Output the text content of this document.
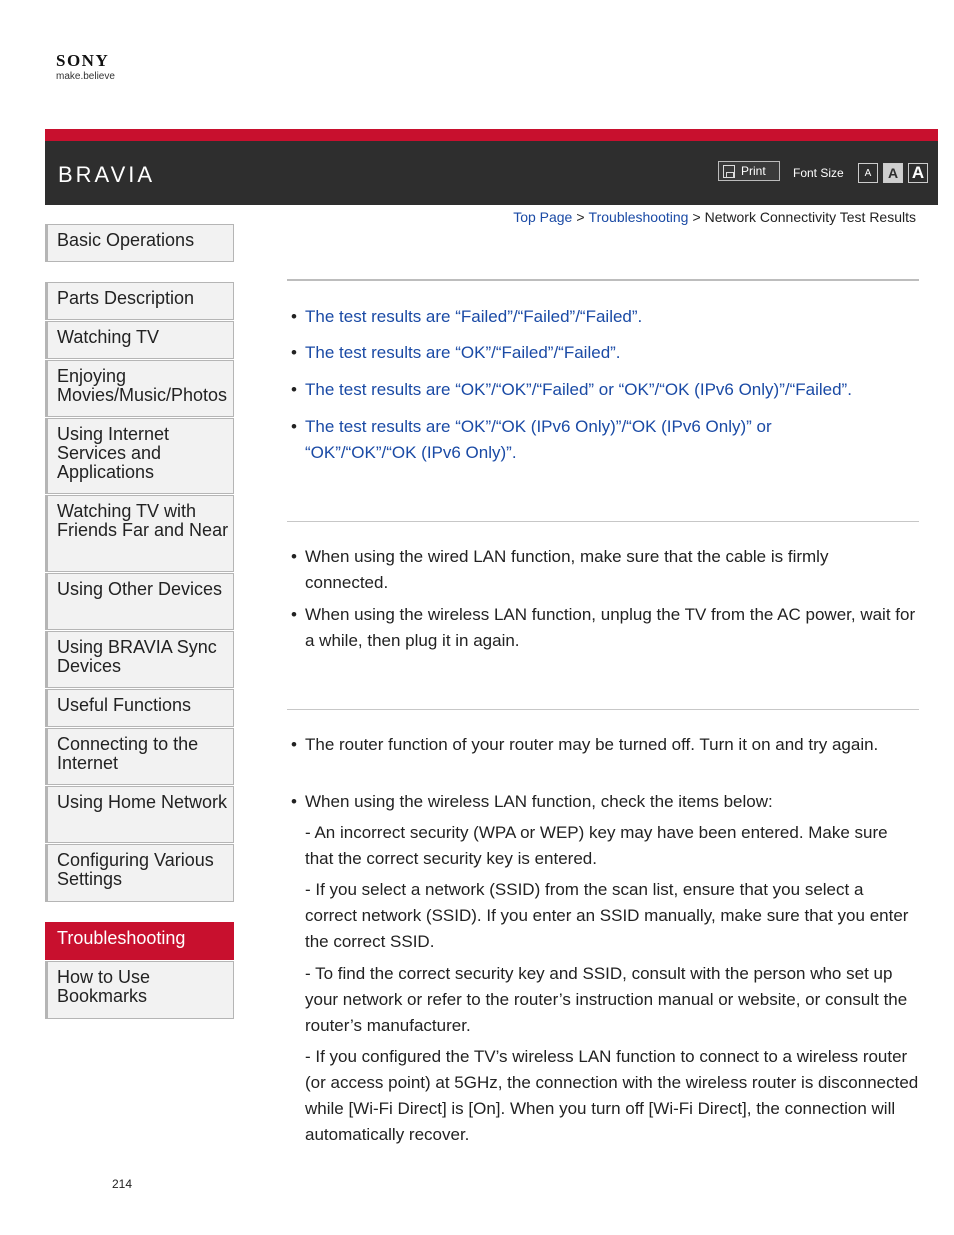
SONY
make.believe
BRAVIA	Print Font Size	A	A A
Top Page > Troubleshooting > Network Connectivity Test Results
Basic Operations
Parts Description
Watching TV
Enjoying Movies/Music/Photos
Using Internet Services and Applications
Watching TV with Friends Far and Near
Using Other Devices
Using BRAVIA Sync Devices
Useful Functions
Connecting to the Internet
Using Home Network
Configuring Various Settings
Troubleshooting
How to Use Bookmarks
• The test results are “Failed”/“Failed”/“Failed”.
• The test results are “OK”/“Failed”/“Failed”.
• The test results are “OK”/“OK”/“Failed” or “OK”/“OK (IPv6 Only)”/“Failed”.
• The test results are “OK”/“OK (IPv6 Only)”/“OK (IPv6 Only)” or “OK”/“OK”/“OK (IPv6 Only)”.
• When using the wired LAN function, make sure that the cable is firmly connected.
• When using the wireless LAN function, unplug the TV from the AC power, wait for a while, then plug it in again.
• The router function of your router may be turned off. Turn it on and try again.
• When using the wireless LAN function, check the items below:
- An incorrect security (WPA or WEP) key may have been entered. Make sure that the correct security key is entered.
- If you select a network (SSID) from the scan list, ensure that you select a correct network (SSID). If you enter an SSID manually, make sure that you enter the correct SSID.
- To find the correct security key and SSID, consult with the person who set up your network or refer to the router’s instruction manual or website, or consult the router’s manufacturer.
- If you configured the TV’s wireless LAN function to connect to a wireless router (or access point) at 5GHz, the connection with the wireless router is disconnected while [Wi-Fi Direct] is [On]. When you turn off [Wi-Fi Direct], the connection will automatically recover.
214
